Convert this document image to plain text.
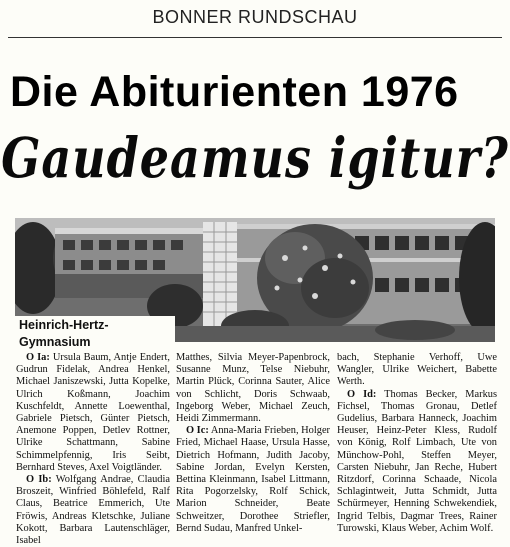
BONNER RUNDSCHAU
Die Abiturienten 1976
Gaudeamus igitur?
Heinrich-Hertz-
Gymnasium

O Ia: Ursula Baum, Antje Endert, Gudrun Fidelak, Andrea Henkel, Michael Janiszewski, Jutta Kopelke, Ulrich Koßmann, Joachim Kuschfeldt, Annette Loewenthal, Gabriele Pietsch, Günter Pietsch, Anemone Poppen, Detlev Rottner, Ulrike Schattmann, Sabine Schimmelpfennig, Iris Seibt, Bernhard Steves, Axel Voigtländer.

O Ib: Wolfgang Andrae, Claudia Broszeit, Winfried Böhlefeld, Ralf Claus, Beatrice Emmerich, Ute Fröwis, Andreas Kletschke, Juliane Kokott, Barbara Lautenschläger, Isabel

Matthes, Silvia Meyer-Papenbrock, Susanne Munz, Telse Niebuhr, Martin Plück, Corinna Sauter, Alice von Schlicht, Doris Schwaab, Ingeborg Weber, Michael Zeuch, Heidi Zimmermann.

O Ic: Anna-Maria Frieben, Holger Fried, Michael Haase, Ursula Hasse, Dietrich Hofmann, Judith Jacoby, Sabine Jordan, Evelyn Kersten, Bettina Kleinmann, Isabel Littmann, Rita Pogorzelsky, Rolf Schick, Marion Schneider, Beate Schweitzer, Dorothee Striefler, Bernd Sudau, Manfred Unkel-

bach, Stephanie Verhoff, Uwe Wangler, Ulrike Weichert, Babette Werth.

O Id: Thomas Becker, Markus Fichsel, Thomas Gronau, Detlef Gudelius, Barbara Hanneck, Joachim Heuser, Heinz-Peter Kless, Rudolf von König, Rolf Limbach, Ute von Münchow-Pohl, Steffen Meyer, Carsten Niebuhr, Jan Reche, Hubert Ritzdorf, Corinna Schaade, Nicola Schlagintweit, Jutta Schmidt, Jutta Schürmeyer, Henning Schwekendiek, Ingrid Telbis, Dagmar Trees, Rainer Turowski, Klaus Weber, Achim Wolf.
